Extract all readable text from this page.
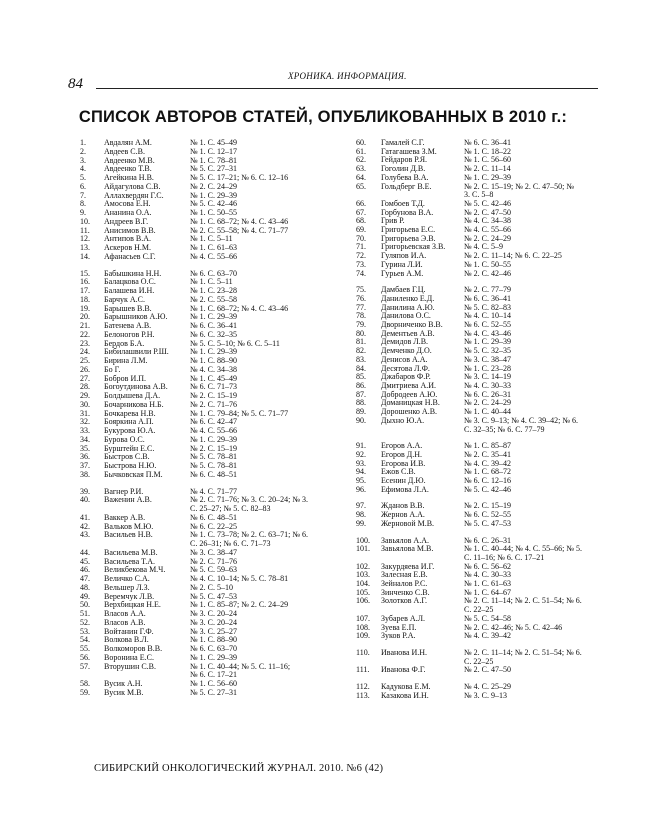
ХРОНИКА. ИНФОРМАЦИЯ.
84
СПИСОК АВТОРОВ СТАТЕЙ, ОПУБЛИКОВАННЫХ В 2010 г.:
1.	Авдалян А.М.	№ 1. С. 45–49
2.	Авдеев С.В.	№ 1. С. 12–17
3.	Авдеенко М.В.	№ 1. С. 78–81
4.	Авдеенко Т.В.	№ 5. С. 27–31
5.	Агейкина Н.В.	№ 5. С. 17–21; № 6. С. 12–16
6.	Айдагулова С.В.	№ 2. С. 24–29
7.	Аллахвердян Г.С.	№ 1. С. 29–39
8.	Амосова Е.Н.	№ 5. С. 42–46
9.	Ананина О.А.	№ 1. С. 50–55
10.	Андреев В.Г.	№ 1. С. 68–72; № 4. С. 43–46
11.	Анисимов В.В.	№ 2. С. 55–58; № 4. С. 71–77
12.	Антипов В.А.	№ 1. С. 5–11
13.	Аскеров Н.М.	№ 1. С. 61–63
14.	Афанасьев С.Г.	№ 4. С. 55–66
15.	Бабышкина Н.Н.	№ 6. С. 63–70
16.	Балацкова О.С.	№ 1. С. 5–11
17.	Балашева И.Н.	№ 1. С. 23–28
18.	Барчук А.С.	№ 2. С. 55–58
19.	Барышев В.В.	№ 1. С. 68–72; № 4. С. 43–46
20.	Барышников А.Ю.	№ 1. С. 29–39
21.	Батенева А.В.	№ 6. С. 36–41
22.	Белоногов Р.Н.	№ 6. С. 32–35
23.	Бердов Б.А.	№ 5. С. 5–10; № 6. С. 5–11
24.	Бибилашвили Р.Ш.	№ 1. С. 29–39
25.	Бирина Л.М.	№ 1. С. 88–90
26.	Бо Г.	№ 4. С. 34–38
27.	Бобров И.П.	№ 1. С. 45–49
28.	Богоутдинова А.В.	№ 6. С. 71–73
29.	Болдышева Д.А.	№ 2. С. 15–19
30.	Бочарникова Н.Б.	№ 2. С. 71–76
31.	Бочкарева Н.В.	№ 1. С. 79–84; № 5. С. 71–77
32.	Бояркина А.П.	№ 6. С. 42–47
33.	Букурова Ю.А.	№ 4. С. 55–66
34.	Бурова О.С.	№ 1. С. 29–39
35.	Бурштейн Е.С.	№ 2. С. 15–19
36.	Быстров С.В.	№ 5. С. 78–81
37.	Быстрова Н.Ю.	№ 5. С. 78–81
38.	Бычковская П.М.	№ 6. С. 48–51
39.	Вагнер Р.И.	№ 4. С. 71–77
40.	Важенин А.В.	№ 2. С. 71–76; № 3. С. 20–24; № 3.
С. 25–27; № 5. С. 82–83
41.	Ваккер А.В.	№ 6. С. 48–51
42.	Вальков М.Ю.	№ 6. С. 22–25
43.	Васильев Н.В.	№ 1. С. 73–78; № 2. С. 63–71; № 6.
С. 26–31; № 6. С. 71–73
44.	Васильева М.В.	№ 3. С. 38–47
45.	Васильева Т.А.	№ 2. С. 71–76
46.	Великбекова М.Ч.	№ 5. С. 59–63
47.	Величко С.А.	№ 4. С. 10–14; № 5. С. 78–81
48.	Вельшер Л.З.	№ 2. С. 5–10
49.	Веремчук Л.В.	№ 5. С. 47–53
50.	Верхбицкая Н.Е.	№ 1. С. 85–87; № 2. С. 24–29
51.	Власов А.А.	№ 3. С. 20–24
52.	Власов А.В.	№ 3. С. 20–24
53.	Войтанин Г.Ф.	№ 3. С. 25–27
54.	Волкова В.Л.	№ 1. С. 88–90
55.	Волкоморов В.В.	№ 6. С. 63–70
56.	Воронина Е.С.	№ 1. С. 29–39
57.	Вторушин С.В.	№ 1. С. 40–44; № 5. С. 11–16;
№ 6. С. 17–21
58.	Вусик А.Н.	№ 1. С. 56–60
59.	Вусик М.В.	№ 5. С. 27–31
60.	Гамалей С.Г.	№ 6. С. 36–41
61.	Гатагашева З.М.	№ 1. С. 18–22
62.	Гейдаров Р.Я.	№ 1. С. 56–60
63.	Гоголин Д.В.	№ 2. С. 11–14
64.	Голубева В.А.	№ 1. С. 29–39
65.	Гольдберг В.Е.	№ 2. С. 15–19; № 2. С. 47–50; №
3. С. 5–8
66.	Гомбоев Т.Д.	№ 5. С. 42–46
67.	Горбунова В.А.	№ 2. С. 47–50
68.	Грив Р.	№ 4. С. 34–38
69.	Григорьева Е.С.	№ 4. С. 55–66
70.	Григорьева Э.В.	№ 2. С. 24–29
71.	Григорьевская З.В.	№ 4. С. 5–9
72.	Гуляпов И.А.	№ 2. С. 11–14; № 6. С. 22–25
73.	Гурина Л.И.	№ 1. С. 50–55
74.	Гурьев А.М.	№ 2. С. 42–46
75.	Дамбаев Г.Ц.	№ 2. С. 77–79
76.	Даниленко Е.Д.	№ 6. С. 36–41
77.	Данилина А.Ю.	№ 5. С. 82–83
78.	Данилова О.С.	№ 4. С. 10–14
79.	Дворниченко В.В.	№ 6. С. 52–55
80.	Дементьев А.В.	№ 4. С. 43–46
81.	Демидов Л.В.	№ 1. С. 29–39
82.	Демченко Д.О.	№ 5. С. 32–35
83.	Денисов А.А.	№ 3. С. 38–47
84.	Десятова Л.Ф.	№ 1. С. 23–28
85.	Джабаров Ф.Р.	№ 3. С. 14–19
86.	Дмитриева А.И.	№ 4. С. 30–33
87.	Добродеев А.Ю.	№ 6. С. 26–31
88.	Доманицкая Н.В.	№ 2. С. 24–29
89.	Дорошенко А.В.	№ 1. С. 40–44
90.	Дыхно Ю.А.	№ 3. С. 9–13; № 4. С. 39–42; № 6.
С. 32–35; № 6. С. 77–79
91.	Егоров А.А.	№ 1. С. 85–87
92.	Егоров Д.Н.	№ 2. С. 35–41
93.	Егорова И.В.	№ 4. С. 39–42
94.	Ежов С.В.	№ 1. С. 68–72
95.	Есенин Д.Ю.	№ 6. С. 12–16
96.	Ефимова Л.А.	№ 5. С. 42–46
97.	Жданов В.В.	№ 2. С. 15–19
98.	Жернов А.А.	№ 6. С. 52–55
99.	Жерновой М.В.	№ 5. С. 47–53
100.	Завьялов А.А.	№ 6. С. 26–31
101.	Завьялова М.В.	№ 1. С. 40–44; № 4. С. 55–66; № 5.
С. 11–16; № 6. С. 17–21
102.	Закурдяева И.Г.	№ 6. С. 56–62
103.	Залесная Е.В.	№ 4. С. 30–33
104.	Зейналов Р.С.	№ 1. С. 61–63
105.	Зинченко С.В.	№ 1. С. 64–67
106.	Золотков А.Г.	№ 2. С. 11–14; № 2. С. 51–54; № 6.
С. 22–25
107.	Зубарев А.Л.	№ 5. С. 54–58
108.	Зуева Е.П.	№ 2. С. 42–46; № 5. С. 42–46
109.	Зуков Р.А.	№ 4. С. 39–42
110.	Иванова И.Н.	№ 2. С. 11–14; № 2. С. 51–54; № 6.
С. 22–25
111.	Иванова Ф.Г.	№ 2. С. 47–50
112.	Кадукова Е.М.	№ 4. С. 25–29
113.	Казакова И.Н.	№ 3. С. 9–13
СИБИРСКИЙ ОНКОЛОГИЧЕСКИЙ ЖУРНАЛ. 2010. №6 (42)
